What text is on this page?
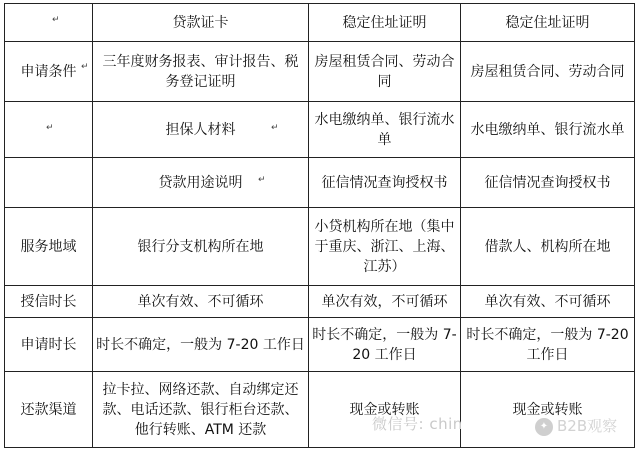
	贷款证卡	稳定住址证明	稳定住址证明
申请条件	三年度财务报表、审计报告、税务登记证明	房屋租赁合同、劳动合同	房屋租赁合同、劳动合同
	担保人材料	水电缴纳单、银行流水单	水电缴纳单、银行流水单
	贷款用途说明	征信情况查询授权书	征信情况查询授权书
服务地域	银行分支机构所在地	小贷机构所在地（集中于重庆、浙江、上海、江苏）	借款人、机构所在地
授信时长	单次有效、不可循环	单次有效，不可循环	单次有效、不可循环
申请时长	时长不确定，一般为 7-20 工作日	时长不确定，一般为 7-20 工作日	时长不确定，一般为 7-20 工作日
还款渠道	拉卡拉、网络还款、自动绑定还款、电话还款、银行柜台还款、他行转账、ATM 还款	现金或转账	现金或转账
↵
↵
↵
↵
↵
微信号: chin	✦ B2B观察
